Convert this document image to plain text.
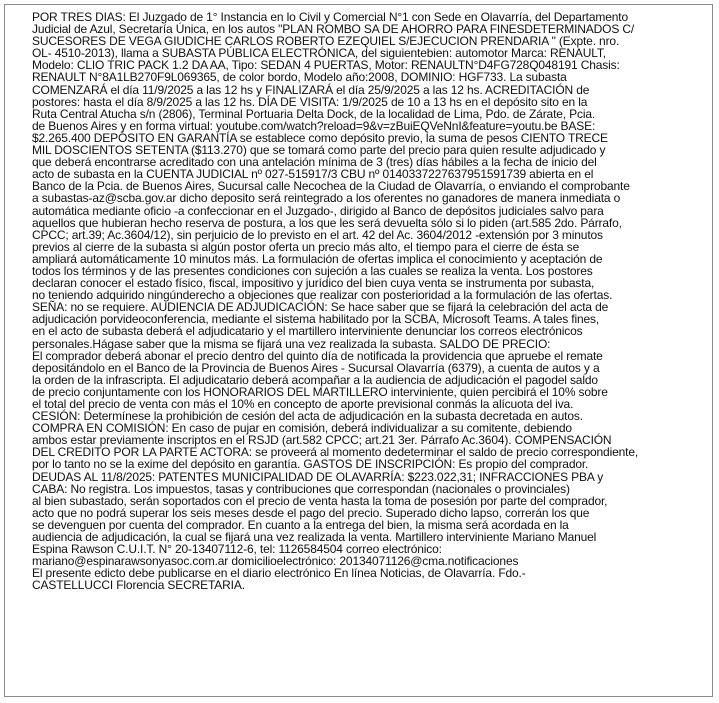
POR TRES DIAS: El Juzgado de 1° Instancia en lo Civil y Comercial N°1 con Sede en Olavarría, del Departamento
Judicial de Azul, Secretaría Única, en los autos "PLAN ROMBO SA DE AHORRO PARA FINESDETERMINADOS C/
SUCESORES DE VEGA GIUDICHE CARLOS ROBERTO EZEQUIEL S/EJECUCION PRENDARIA " (Expte. nro.
OL- 4510-2013), llama a SUBASTA PÚBLICA ELECTRÓNICA, del siguientebien: automotor Marca: RENAULT,
Modelo: CLIO TRIC PACK 1.2 DA AA, Tipo: SEDAN 4 PUERTAS, Motor: RENAULTN°D4FG728Q048191 Chasis:
RENAULT N°8A1LB270F9L069365, de color bordo, Modelo año:2008, DOMINIO: HGF733. La subasta
COMENZARÁ el día 11/9/2025 a las 12 hs y FINALIZARÁ el día 25/9/2025 a las 12 hs. ACREDITACIÓN de
postores: hasta el día 8/9/2025 a las 12 hs. DÍA DE VISITA: 1/9/2025 de 10 a 13 hs en el depósito sito en la
Ruta Central Atucha s/n (2806), Terminal Portuaria Delta Dock, de la localidad de Lima, Pdo. de Zárate, Pcia.
de Buenos Aires y en forma virtual: youtube.com/watch?reload=9&v=zBuiEQVeNnI&feature=youtu.be BASE:
$2.265.400 DEPÓSITO EN GARANTÍA se establece como depósito previo, la suma de pesos CIENTO TRECE
MIL DOSCIENTOS SETENTA ($113.270) que se tomará como parte del precio para quien resulte adjudicado y
que deberá encontrarse acreditado con una antelación mínima de 3 (tres) días hábiles a la fecha de inicio del
acto de subasta en la CUENTA JUDICIAL nº 027-515917/3 CBU nº 0140337227637951591739 abierta en el
Banco de la Pcia. de Buenos Aires, Sucursal calle Necochea de la Ciudad de Olavarría, o enviando el comprobante
a subastas-az@scba.gov.ar dicho deposito será reintegrado a los oferentes no ganadores de manera inmediata o
automática mediante oficio -a confeccionar en el Juzgado-, dirigido al Banco de depósitos judiciales salvo para
aquellos que hubieran hecho reserva de postura, a los que les será devuelta sólo si lo piden (art.585 2do. Párrafo,
CPCC; art.39; Ac.3604/12), sin perjuicio de lo previsto en el art. 42 del Ac. 3604/2012 -extensión por 3 minutos
previos al cierre de la subasta si algún postor oferta un precio más alto, el tiempo para el cierre de ésta se
ampliará automáticamente 10 minutos más. La formulación de ofertas implica el conocimiento y aceptación de
todos los términos y de las presentes condiciones con sujeción a las cuales se realiza la venta. Los postores
declaran conocer el estado físico, fiscal, impositivo y jurídico del bien cuya venta se instrumenta por subasta,
no teniendo adquirido ningúnderecho a objeciones que realizar con posterioridad a la formulación de las ofertas.
SEÑA: no se requiere. AUDIENCIA DE ADJUDICACIÓN: Se hace saber que se fijará la celebración del acta de
adjudicación porvideoconferencia, mediante el sistema habilitado por la SCBA, Microsoft Teams. A tales fines,
en el acto de subasta deberá el adjudicatario y el martillero interviniente denunciar los correos electrónicos
personales.Hágase saber que la misma se fijará una vez realizada la subasta. SALDO DE PRECIO:
El comprador deberá abonar el precio dentro del quinto día de notificada la providencia que apruebe el remate
depositándolo en el Banco de la Provincia de Buenos Aires - Sucursal Olavarría (6379), a cuenta de autos y a
la orden de la infrascripta. El adjudicatario deberá acompañar a la audiencia de adjudicación el pagodel saldo
de precio conjuntamente con los HONORARIOS DEL MARTILLERO interviniente, quien percibirá el 10% sobre
el total del precio de venta con más el 10% en concepto de aporte previsional conmás la alícuota del iva.
CESIÓN: Determínese la prohibición de cesión del acta de adjudicación en la subasta decretada en autos.
COMPRA EN COMISIÓN: En caso de pujar en comisión, deberá individualizar a su comitente, debiendo
ambos estar previamente inscriptos en el RSJD (art.582 CPCC; art.21 3er. Párrafo Ac.3604). COMPENSACIÓN
DEL CREDITO POR LA PARTE ACTORA: se proveerá al momento dedeterminar el saldo de precio correspondiente,
por lo tanto no se la exime del depósito en garantía. GASTOS DE INSCRIPCIÓN: Es propio del comprador.
DEUDAS AL 11/8/2025: PATENTES MUNICIPALIDAD DE OLAVARRÍA: $223.022,31; INFRACCIONES PBA y
CABA: No registra. Los impuestos, tasas y contribuciones que correspondan (nacionales o provinciales)
al bien subastado, serán soportados con el precio de venta hasta la toma de posesión por parte del comprador,
acto que no podrá superar los seis meses desde el pago del precio. Superado dicho lapso, correrán los que
se devenguen por cuenta del comprador. En cuanto a la entrega del bien, la misma será acordada en la
audiencia de adjudicación, la cual se fijará una vez realizada la venta. Martillero interviniente Mariano Manuel
Espina Rawson C.U.I.T. N° 20-13407112-6, tel: 1126584504 correo electrónico:
mariano@espinarawsonyasoc.com.ar domicilioelectrónico: 20134071126@cma.notificaciones
El presente edicto debe publicarse en el diario electrónico En línea Noticias, de Olavarría. Fdo.-
CASTELLUCCI Florencia SECRETARIA.
